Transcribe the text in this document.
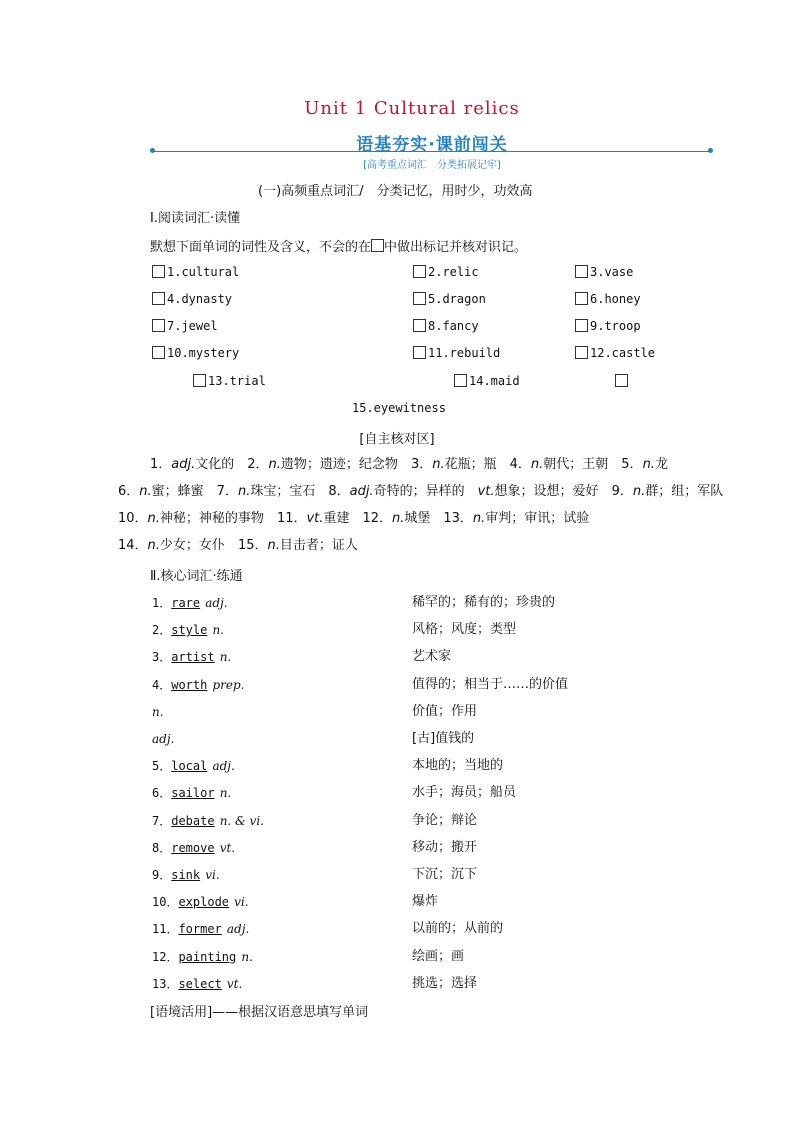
Unit 1 Cultural relics
语基夯实·课前闯关
[高考重点词汇　分类拓展记牢]
(一)高频重点词汇/　分类记忆，用时少，功效高
Ⅰ.阅读词汇·读懂
默想下面单词的词性及含义，不会的在 中做出标记并核对识记。
1.cultural	2.relic	3.vase
4.dynasty	5.dragon	6.honey
7.jewel	8.fancy	9.troop
10.mystery	11.rebuild	12.castle
13.trial	14.maid
15.eyewitness
[自主核对区]
1．adj.文化的　2．n.遗物；遗迹；纪念物　3．n.花瓶；瓶　4．n.朝代；王朝　5．n.龙
6．n.蜜；蜂蜜　7．n.珠宝；宝石　8．adj.奇特的；异样的　vt.想象；设想；爱好　9．n.群；组；军队　
10．n.神秘；神秘的事物　11．vt.重建　12．n.城堡　13．n.审判；审讯；试验
14．n.少女；女仆　15．n.目击者；证人
Ⅱ.核心词汇·练通
1．rare adj.	稀罕的；稀有的；珍贵的
2．style n.	风格；风度；类型
3．artist n.	艺术家
4．worth prep.	值得的；相当于……的价值
n.	价值；作用
adj.	[古]值钱的
5．local adj.	本地的；当地的
6．sailor n.	水手；海员；船员
7．debate n. & vi.	争论；辩论
8．remove vt.	移动；搬开
9．sink vi.	下沉；沉下
10．explode vi.	爆炸
11．former adj.	以前的；从前的
12．painting n.	绘画；画
13．select vt.	挑选；选择
[语境活用]——根据汉语意思填写单词
